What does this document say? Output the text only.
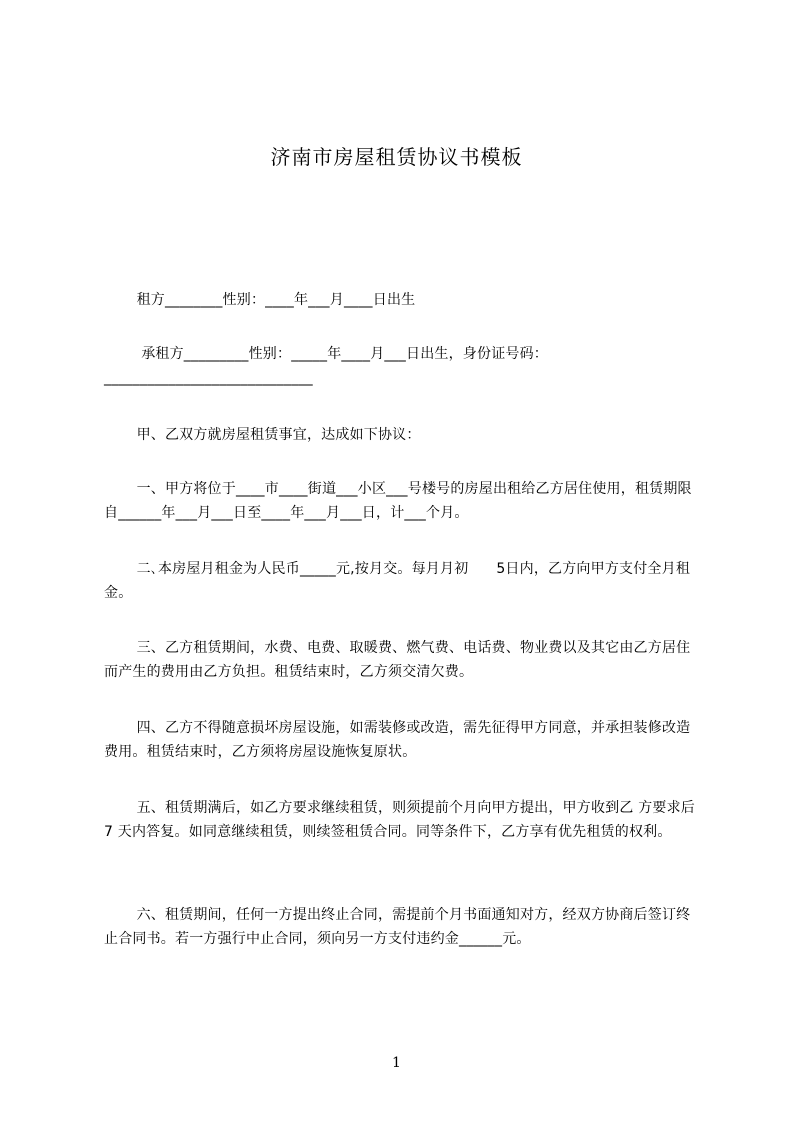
济南市房屋租赁协议书模板
租方________性别：____年___月____日出生
承租方_________性别：_____年____月___日出生，身份证号码：_____________________________
甲、乙双方就房屋租赁事宜，达成如下协议：
一、甲方将位于____市____街道___小区___号楼号的房屋出租给乙方居住使用，租赁期限自______年___月___日至____年___月___日，计___个月。
二､本房屋月租金为人民币_____元,按月交。每月月初      5日内，乙方向甲方支付全月租金。
三、乙方租赁期间，水费、电费、取暖费、燃气费、电话费、物业费以及其它由乙方居住而产生的费用由乙方负担。租赁结束时，乙方须交清欠费。
四、乙方不得随意损坏房屋设施，如需装修或改造，需先征得甲方同意，并承担装修改造费用。租赁结束时，乙方须将房屋设施恢复原状。
五、租赁期满后，如乙方要求继续租赁，则须提前个月向甲方提出，甲方收到乙 方要求后 7 天内答复。如同意继续租赁，则续签租赁合同。同等条件下，乙方享有优先租赁的权利。
六、租赁期间，任何一方提出终止合同，需提前个月书面通知对方，经双方协商后签订终止合同书。若一方强行中止合同，须向另一方支付违约金______元。
1
